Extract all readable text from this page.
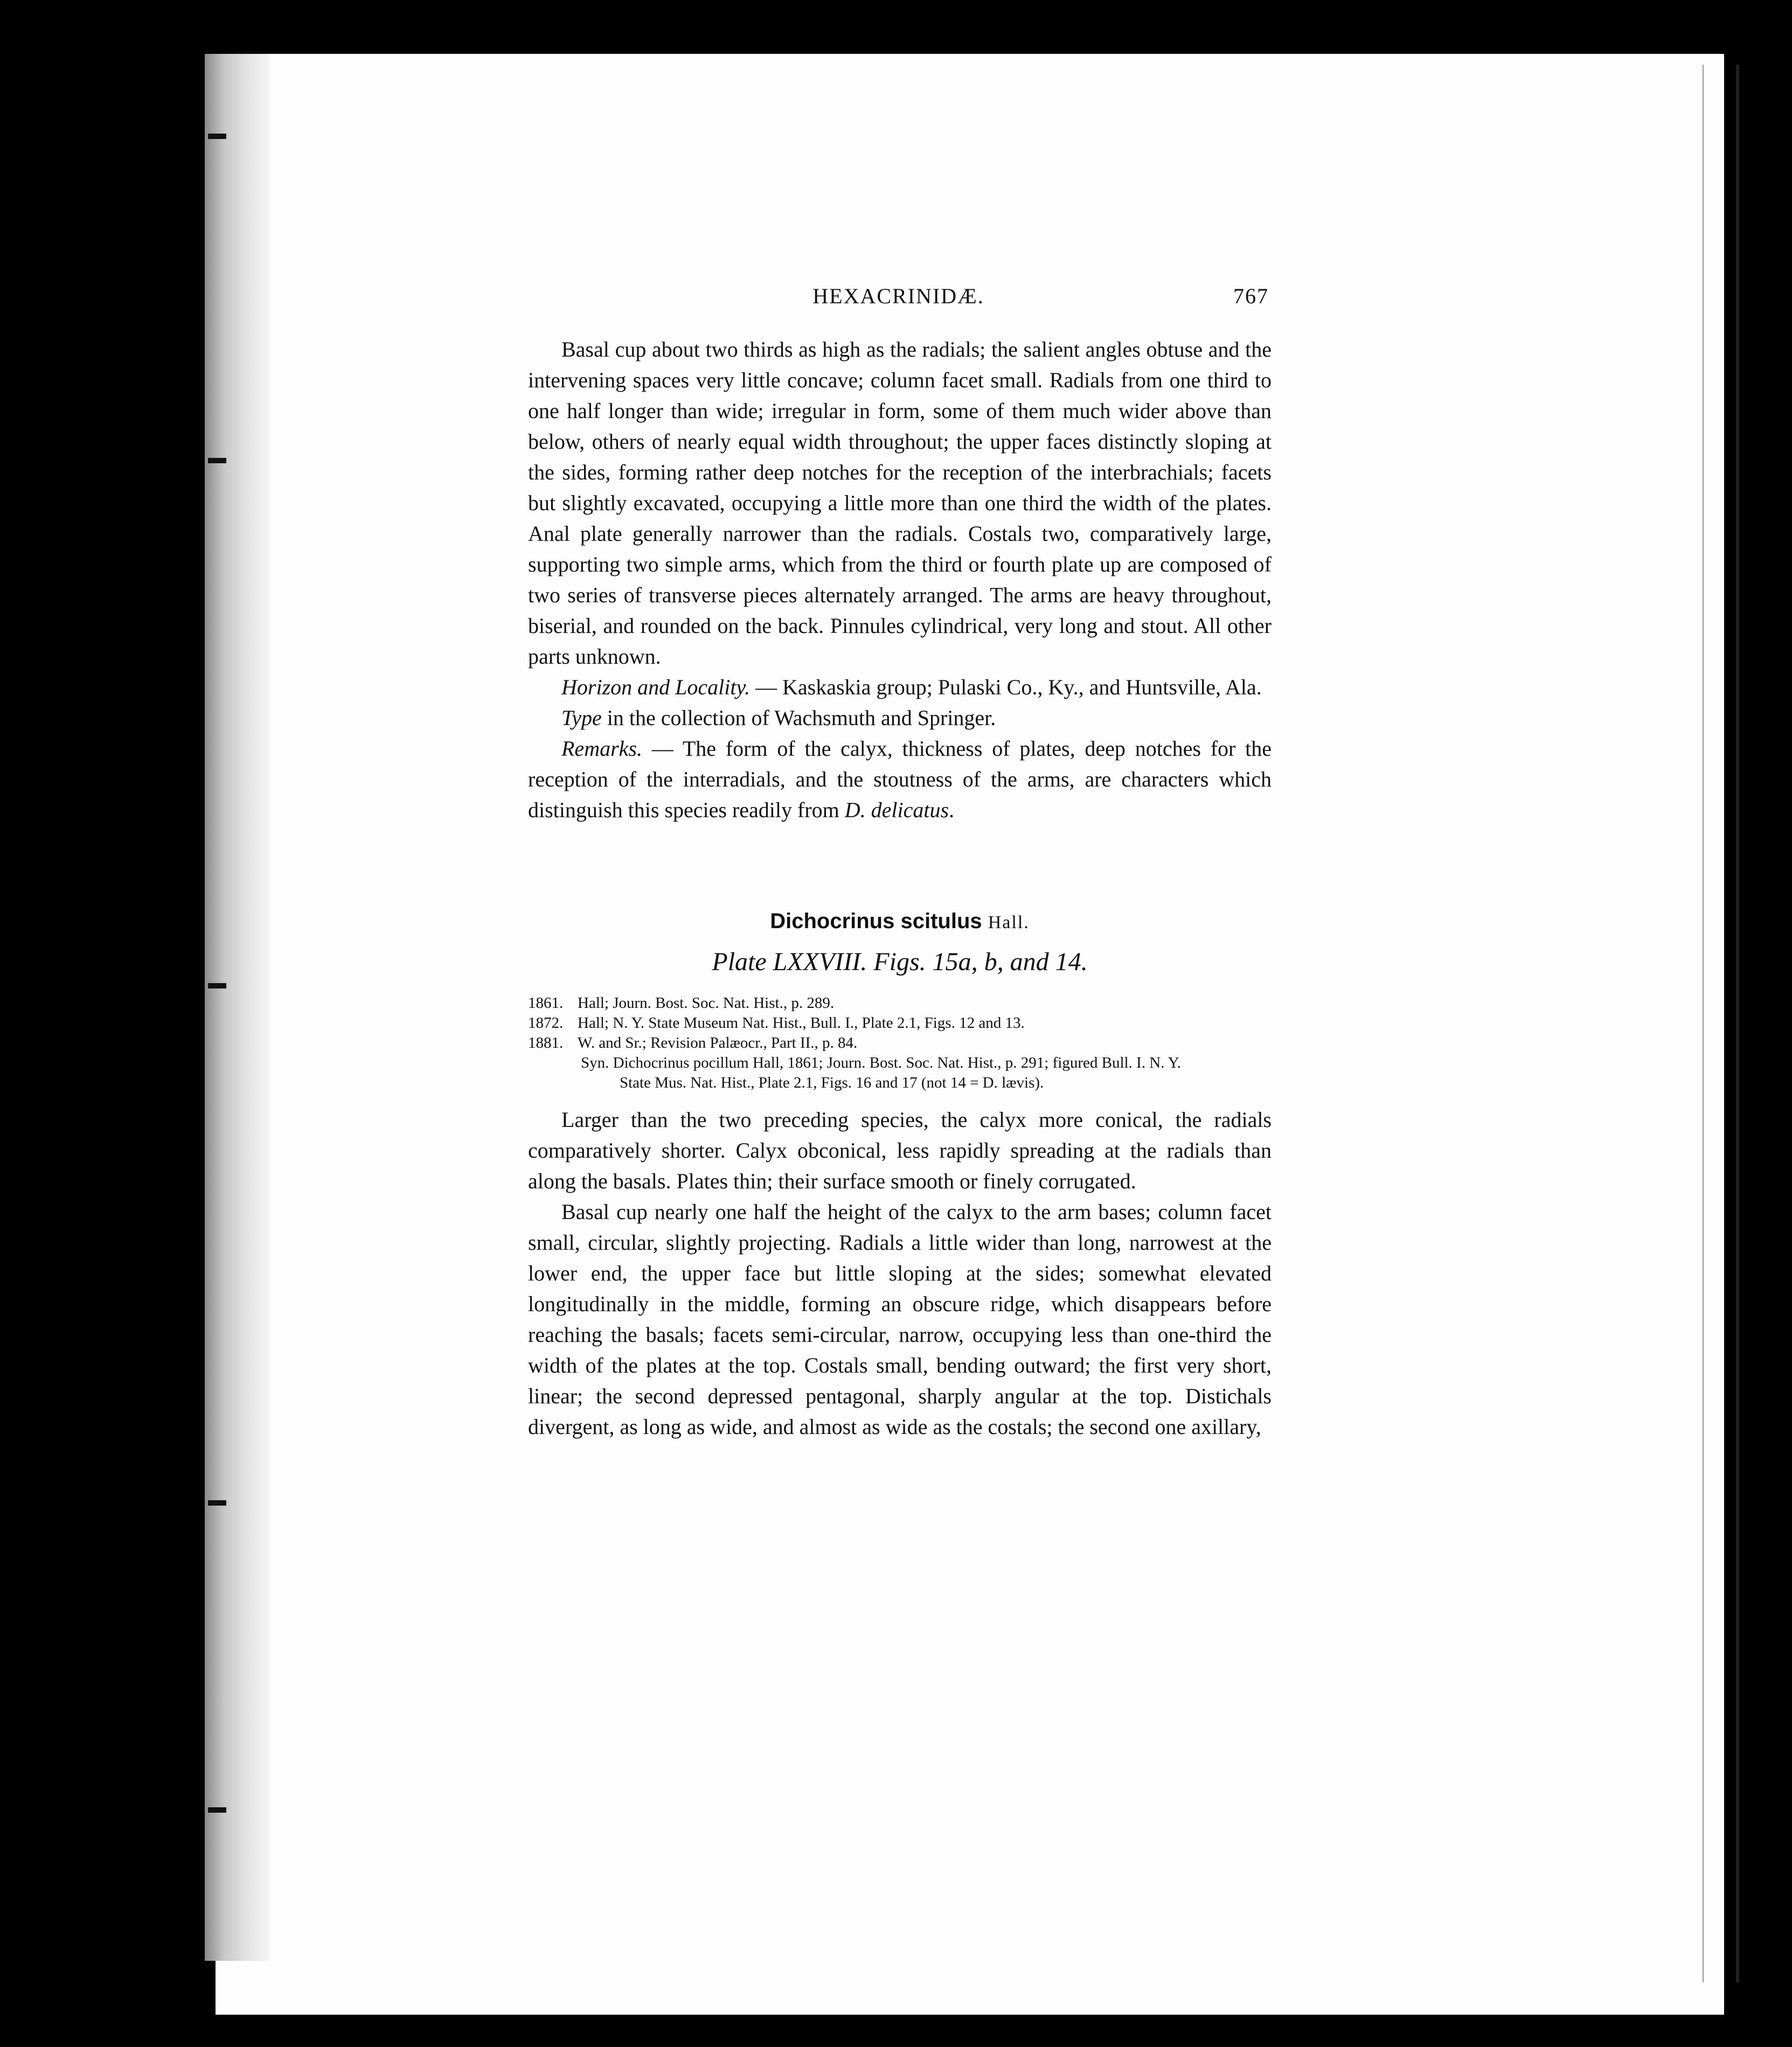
HEXACRINIDÆ.	767

Basal cup about two thirds as high as the radials; the salient angles obtuse and the intervening spaces very little concave; column facet small. Radials from one third to one half longer than wide; irregular in form, some of them much wider above than below, others of nearly equal width throughout; the upper faces distinctly sloping at the sides, forming rather deep notches for the reception of the interbrachials; facets but slightly excavated, occupying a little more than one third the width of the plates. Anal plate generally narrower than the radials. Costals two, comparatively large, supporting two simple arms, which from the third or fourth plate up are composed of two series of transverse pieces alternately arranged. The arms are heavy throughout, biserial, and rounded on the back. Pinnules cylindrical, very long and stout. All other parts unknown.

Horizon and Locality. — Kaskaskia group; Pulaski Co., Ky., and Huntsville, Ala.

Type in the collection of Wachsmuth and Springer.

Remarks. — The form of the calyx, thickness of plates, deep notches for the reception of the interradials, and the stoutness of the arms, are characters which distinguish this species readily from D. delicatus.

Dichocrinus scitulus Hall.
Plate LXXVIII. Figs. 15a, b, and 14.
1861. Hall; Journ. Bost. Soc. Nat. Hist., p. 289.
1872. Hall; N. Y. State Museum Nat. Hist., Bull. I., Plate 2.1, Figs. 12 and 13.
1881. W. and Sr.; Revision Palæocr., Part II., p. 84.
Syn. Dichocrinus pocillum Hall, 1861; Journ. Bost. Soc. Nat. Hist., p. 291; figured Bull. I. N. Y.
State Mus. Nat. Hist., Plate 2.1, Figs. 16 and 17 (not 14 = D. lævis).

Larger than the two preceding species, the calyx more conical, the radials comparatively shorter. Calyx obconical, less rapidly spreading at the radials than along the basals. Plates thin; their surface smooth or finely corrugated.

Basal cup nearly one half the height of the calyx to the arm bases; column facet small, circular, slightly projecting. Radials a little wider than long, narrowest at the lower end, the upper face but little sloping at the sides; somewhat elevated longitudinally in the middle, forming an obscure ridge, which disappears before reaching the basals; facets semi-circular, narrow, occupying less than one-third the width of the plates at the top. Costals small, bending outward; the first very short, linear; the second depressed pentagonal, sharply angular at the top. Distichals divergent, as long as wide, and almost as wide as the costals; the second one axillary,
